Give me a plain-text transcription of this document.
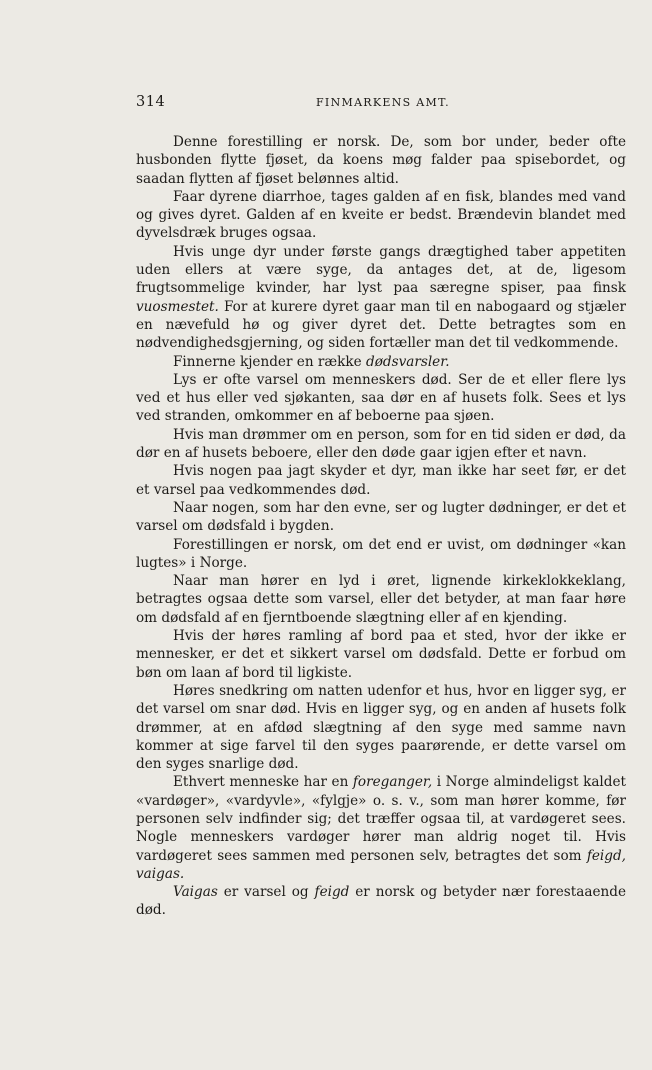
314	FINMARKENS AMT.

Denne forestilling er norsk. De, som bor under, beder ofte husbonden flytte fjøset, da koens møg falder paa spisebordet, og saadan flytten af fjøset belønnes altid.

Faar dyrene diarrhoe, tages galden af en fisk, blandes med vand og gives dyret. Galden af en kveite er bedst. Brændevin blandet med dyvelsdræk bruges ogsaa.

Hvis unge dyr under første gangs drægtighed taber appetiten uden ellers at være syge, da antages det, at de, ligesom frugtsommelige kvinder, har lyst paa særegne spiser, paa finsk vuosmestet. For at kurere dyret gaar man til en nabogaard og stjæler en nævefuld hø og giver dyret det. Dette betragtes som en nødvendighedsgjerning, og siden fortæller man det til vedkommende.

Finnerne kjender en række dødsvarsler.

Lys er ofte varsel om menneskers død. Ser de et eller flere lys ved et hus eller ved sjøkanten, saa dør en af husets folk. Sees et lys ved stranden, omkommer en af beboerne paa sjøen.

Hvis man drømmer om en person, som for en tid siden er død, da dør en af husets beboere, eller den døde gaar igjen efter et navn.

Hvis nogen paa jagt skyder et dyr, man ikke har seet før, er det et varsel paa vedkommendes død.

Naar nogen, som har den evne, ser og lugter dødninger, er det et varsel om dødsfald i bygden.

Forestillingen er norsk, om det end er uvist, om dødninger «kan lugtes» i Norge.

Naar man hører en lyd i øret, lignende kirkeklokkeklang, betragtes ogsaa dette som varsel, eller det betyder, at man faar høre om dødsfald af en fjerntboende slægtning eller af en kjending.

Hvis der høres ramling af bord paa et sted, hvor der ikke er mennesker, er det et sikkert varsel om dødsfald. Dette er forbud om bøn om laan af bord til ligkiste.

Høres snedkring om natten udenfor et hus, hvor en ligger syg, er det varsel om snar død. Hvis en ligger syg, og en anden af husets folk drømmer, at en afdød slægtning af den syge med samme navn kommer at sige farvel til den syges paarørende, er dette varsel om den syges snarlige død.

Ethvert menneske har en foreganger, i Norge almindeligst kaldet «vardøger», «vardyvle», «fylgje» o. s. v., som man hører komme, før personen selv indfinder sig; det træffer ogsaa til, at vardøgeret sees. Nogle menneskers vardøger hører man aldrig noget til. Hvis vardøgeret sees sammen med personen selv, betragtes det som feigd, vaigas.

Vaigas er varsel og feigd er norsk og betyder nær forestaaende død.
